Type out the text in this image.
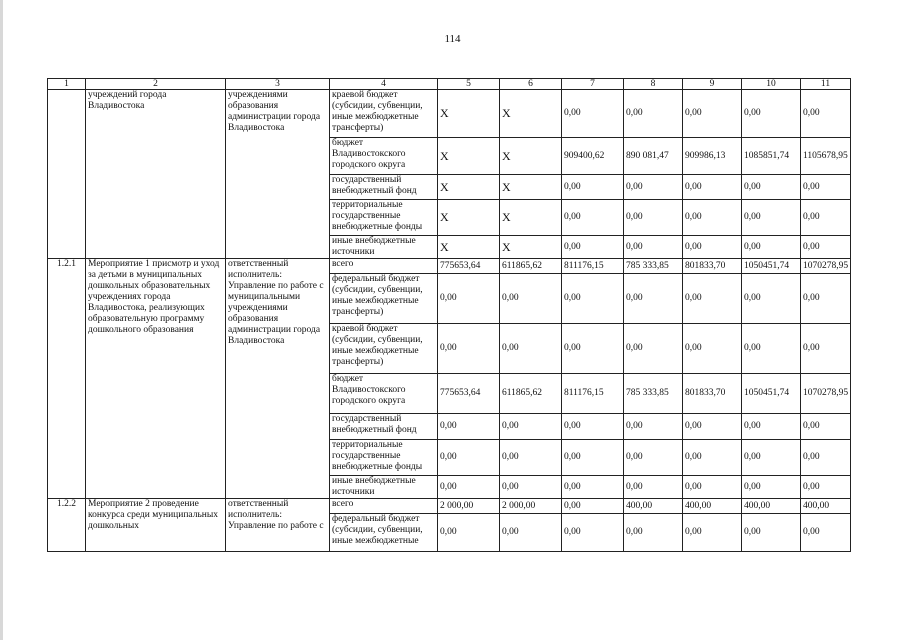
114
1	2	3	4	5	6	7	8	9	10	11
	учреждений города Владивостока	учреждениями образования администрации города Владивостока	краевой бюджет (субсидии, субвенции, иные межбюджетные трансферты)	X	X	0,00	0,00	0,00	0,00	0,00
			бюджет Владивостокского городского округа	X	X	909400,62	890 081,47	909986,13	1085851,74	1105678,95
			государственный внебюджетный фонд	X	X	0,00	0,00	0,00	0,00	0,00
			территориальные государственные внебюджетные фонды	X	X	0,00	0,00	0,00	0,00	0,00
			иные внебюджетные источники	X	X	0,00	0,00	0,00	0,00	0,00
1.2.1	Мероприятие 1 присмотр и уход за детьми в муниципальных дошкольных образовательных учреждениях города Владивостока, реализующих образовательную программу дошкольного образования	ответственный исполнитель: Управление по работе с муниципальными учреждениями образования администрации города Владивостока	всего	775653,64	611865,62	811176,15	785 333,85	801833,70	1050451,74	1070278,95
			федеральный бюджет (субсидии, субвенции, иные межбюджетные трансферты)	0,00	0,00	0,00	0,00	0,00	0,00	0,00
			краевой бюджет (субсидии, субвенции, иные межбюджетные трансферты)	0,00	0,00	0,00	0,00	0,00	0,00	0,00
			бюджет Владивостокского городского округа	775653,64	611865,62	811176,15	785 333,85	801833,70	1050451,74	1070278,95
			государственный внебюджетный фонд	0,00	0,00	0,00	0,00	0,00	0,00	0,00
			территориальные государственные внебюджетные фонды	0,00	0,00	0,00	0,00	0,00	0,00	0,00
			иные внебюджетные источники	0,00	0,00	0,00	0,00	0,00	0,00	0,00
1.2.2	Мероприятие 2 проведение конкурса среди муниципальных дошкольных	ответственный исполнитель: Управление по работе с	всего	2 000,00	2 000,00	0,00	400,00	400,00	400,00	400,00
			федеральный бюджет (субсидии, субвенции, иные межбюджетные	0,00	0,00	0,00	0,00	0,00	0,00	0,00
